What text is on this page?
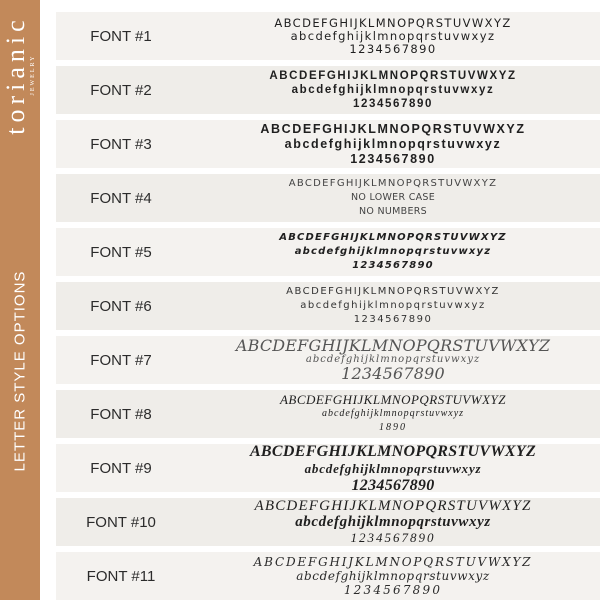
torianic JEWELRY
LETTER STYLE OPTIONS
FONT #1
ABCDEFGHIJKLMNOPQRSTUVWXYZ
abcdefghijklmnopqrstuvwxyz
1234567890
FONT #2
ABCDEFGHIJKLMNOPQRSTUVWXYZ
abcdefghijklmnopqrstuvwxyz
1234567890
FONT #3
ABCDEFGHIJKLMNOPQRSTUVWXYZ
abcdefghijklmnopqrstuvwxyz
1234567890
FONT #4
ABCDEFGHIJKLMNOPQRSTUVWXYZ
NO LOWER CASE
NO NUMBERS
FONT #5
ABCDEFGHIJKLMNOPQRSTUVWXYZ
abcdefghijklmnopqrstuvwxyz
1234567890
FONT #6
ABCDEFGHIJKLMNOPQRSTUVWXYZ
abcdefghijklmnopqrstuvwxyz
1234567890
FONT #7
ABCDEFGHIJKLMNOPQRSTUVWXYZ
abcdefghijklmnopqrstuvwxyz
1234567890
FONT #8
ABCDEFGHIJKLMNOPQRSTUVWXYZ
abcdefghijklmnopqrstuvwxyz
1890
FONT #9
ABCDEFGHIJKLMNOPQRSTUVWXYZ
abcdefghijklmnopqrstuvwxyz
1234567890
FONT #10
ABCDEFGHIJKLMNOPQRSTUVWXYZ
abcdefghijklmnopqrstuvwxyz
1234567890
FONT #11
ABCDEFGHIJKLMNOPQRSTUVWXYZ
abcdefghijklmnopqrstuvwxyz
1234567890
